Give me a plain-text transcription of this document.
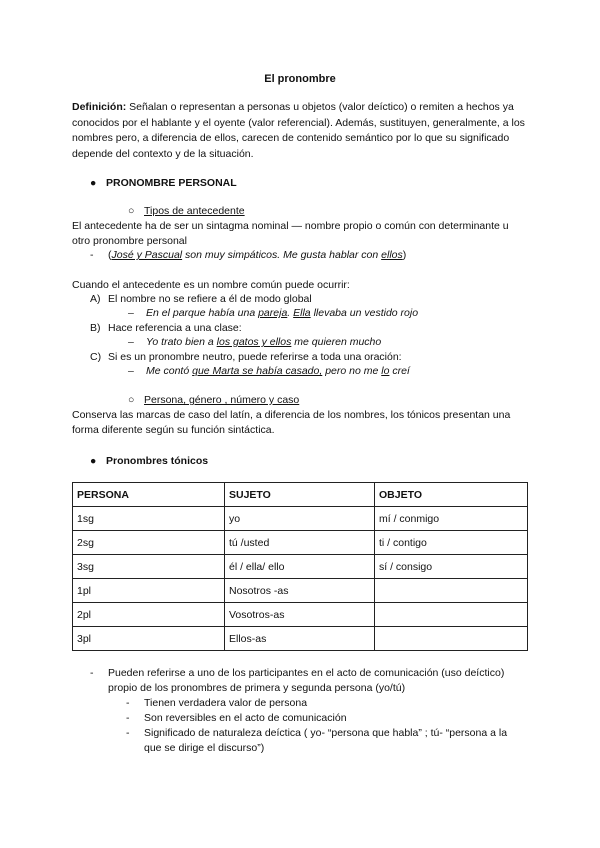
El pronombre
Definición: Señalan o representan a personas u objetos (valor deíctico) o remiten a hechos ya conocidos por el hablante y el oyente (valor referencial). Además, sustituyen, generalmente, a los nombres pero, a diferencia de ellos, carecen de contenido semántico por lo que su significado depende del contexto y de la situación.
● PRONOMBRE PERSONAL
○ Tipos de antecedente
El antecedente ha de ser un sintagma nominal — nombre propio o común con determinante u otro pronombre personal
- (José y Pascual son muy simpáticos. Me gusta hablar con ellos)
Cuando el antecedente es un nombre común puede ocurrir:
A) El nombre no se refiere a él de modo global
– En el parque había una pareja. Ella llevaba un vestido rojo
B) Hace referencia a una clase:
– Yo trato bien a los gatos y ellos me quieren mucho
C) Si es un pronombre neutro, puede referirse a toda una oración:
– Me contó que Marta se había casado, pero no me lo creí
○ Persona, género , número y caso
Conserva las marcas de caso del latín, a diferencia de los nombres, los tónicos presentan una forma diferente según su función sintáctica.
● Pronombres tónicos
PERSONA	SUJETO	OBJETO
1sg	yo	mí / conmigo
2sg	tú /usted	ti / contigo
3sg	él / ella/ ello	sí / consigo
1pl	Nosotros -as	
2pl	Vosotros-as	
3pl	Ellos-as	
- Pueden referirse a uno de los participantes en el acto de comunicación (uso deíctico) propio de los pronombres de primera y segunda persona (yo/tú)
- Tienen verdadera valor de persona
- Son reversibles en el acto de comunicación
- Significado de naturaleza deíctica ( yo- “persona que habla” ; tú- “persona a la que se dirige el discurso”)
